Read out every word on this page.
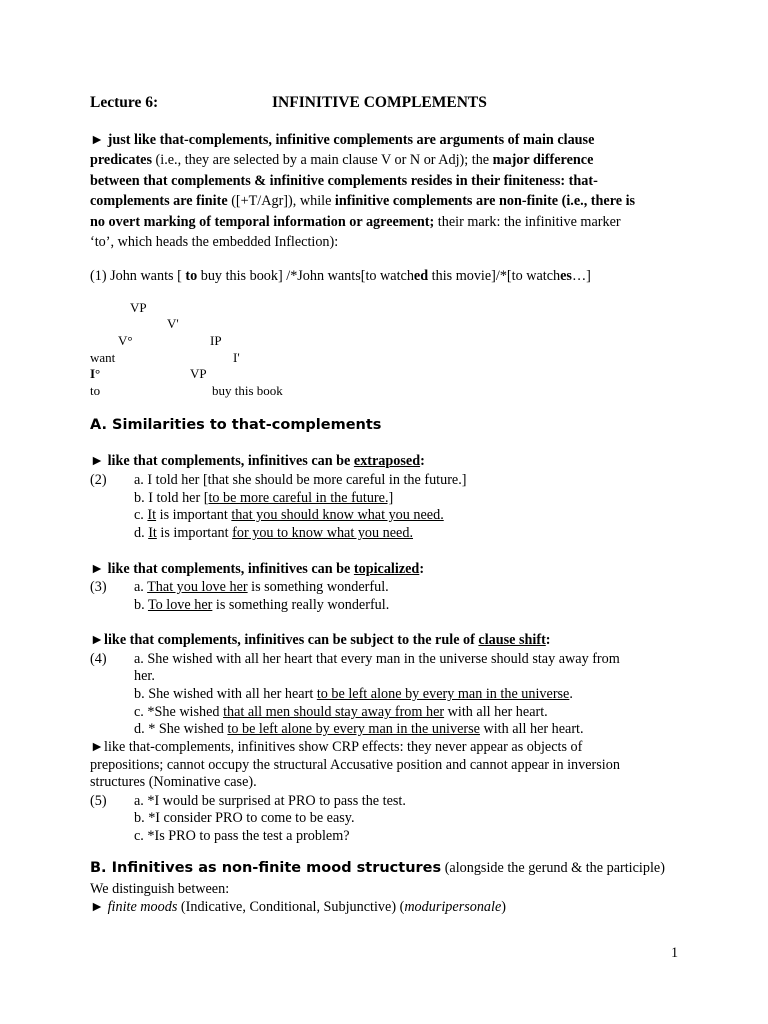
Lecture 6:	INFINITIVE COMPLEMENTS
► just like that-complements, infinitive complements are arguments of main clause
predicates (i.e., they are selected by a main clause V or N or Adj); the major difference
between that complements & infinitive complements resides in their finiteness: that-
complements are finite ([+T/Agr]), while infinitive complements are non-finite (i.e., there is
no overt marking of temporal information or agreement; their mark: the infinitive marker
‘to’, which heads the embedded Inflection):
(1) John wants [ to buy this book] /*John wants[to watched this movie]/*[to watches…]
VP
V'
V°	IP
want	I'
I°	VP
to	buy this book
A. Similarities to that-complements
► like that complements, infinitives can be extraposed:
(2) a. I told her [that she should be more careful in the future.]
b. I told her [to be more careful in the future.]
c. It is important that you should know what you need.
d. It is important for you to know what you need.
► like that complements, infinitives can be topicalized:
(3) a. That you love her is something wonderful.
b. To love her is something really wonderful.
►like that complements, infinitives can be subject to the rule of clause shift:
(4) a. She wished with all her heart that every man in the universe should stay away from
her.
b. She wished with all her heart to be left alone by every man in the universe.
c. *She wished that all men should stay away from her with all her heart.
d. * She wished to be left alone by every man in the universe with all her heart.
►like that-complements, infinitives show CRP effects: they never appear as objects of
prepositions; cannot occupy the structural Accusative position and cannot appear in inversion
structures (Nominative case).
(5) a. *I would be surprised at PRO to pass the test.
b. *I consider PRO to come to be easy.
c. *Is PRO to pass the test a problem?
B. Infinitives as non-finite mood structures (alongside the gerund & the participle)
We distinguish between:
► finite moods (Indicative, Conditional, Subjunctive) (moduripersonale)
1
